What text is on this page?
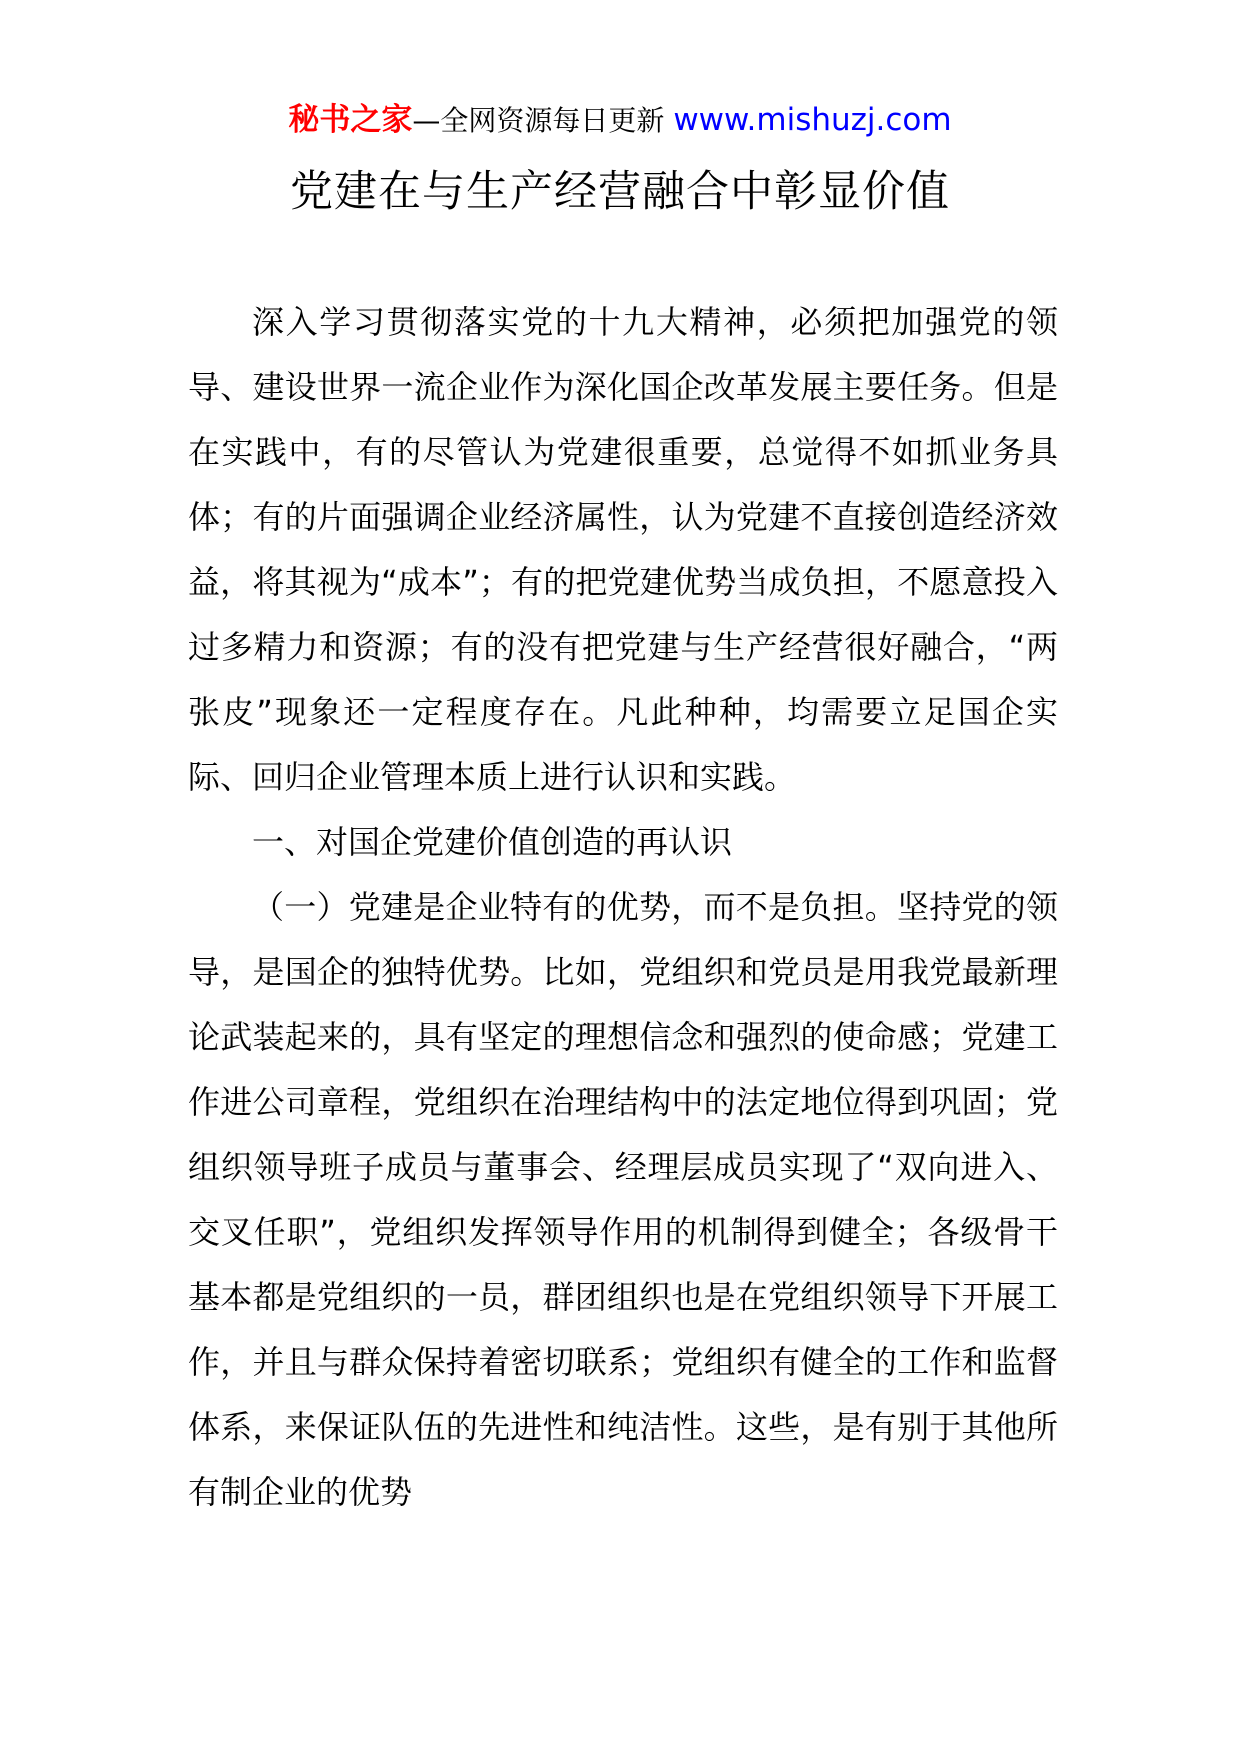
秘书之家—全网资源每日更新 www.mishuzj.com
党建在与生产经营融合中彰显价值

深入学习贯彻落实党的十九大精神，必须把加强党的领导、建设世界一流企业作为深化国企改革发展主要任务。但是在实践中，有的尽管认为党建很重要，总觉得不如抓业务具体；有的片面强调企业经济属性，认为党建不直接创造经济效益，将其视为“成本”；有的把党建优势当成负担，不愿意投入过多精力和资源；有的没有把党建与生产经营很好融合，“两张皮”现象还一定程度存在。凡此种种，均需要立足国企实际、回归企业管理本质上进行认识和实践。

一、对国企党建价值创造的再认识

（一）党建是企业特有的优势，而不是负担。坚持党的领导，是国企的独特优势。比如，党组织和党员是用我党最新理论武装起来的，具有坚定的理想信念和强烈的使命感；党建工作进公司章程，党组织在治理结构中的法定地位得到巩固；党组织领导班子成员与董事会、经理层成员实现了“双向进入、交叉任职”，党组织发挥领导作用的机制得到健全；各级骨干基本都是党组织的一员，群团组织也是在党组织领导下开展工作，并且与群众保持着密切联系；党组织有健全的工作和监督体系，来保证队伍的先进性和纯洁性。这些，是有别于其他所有制企业的优势
